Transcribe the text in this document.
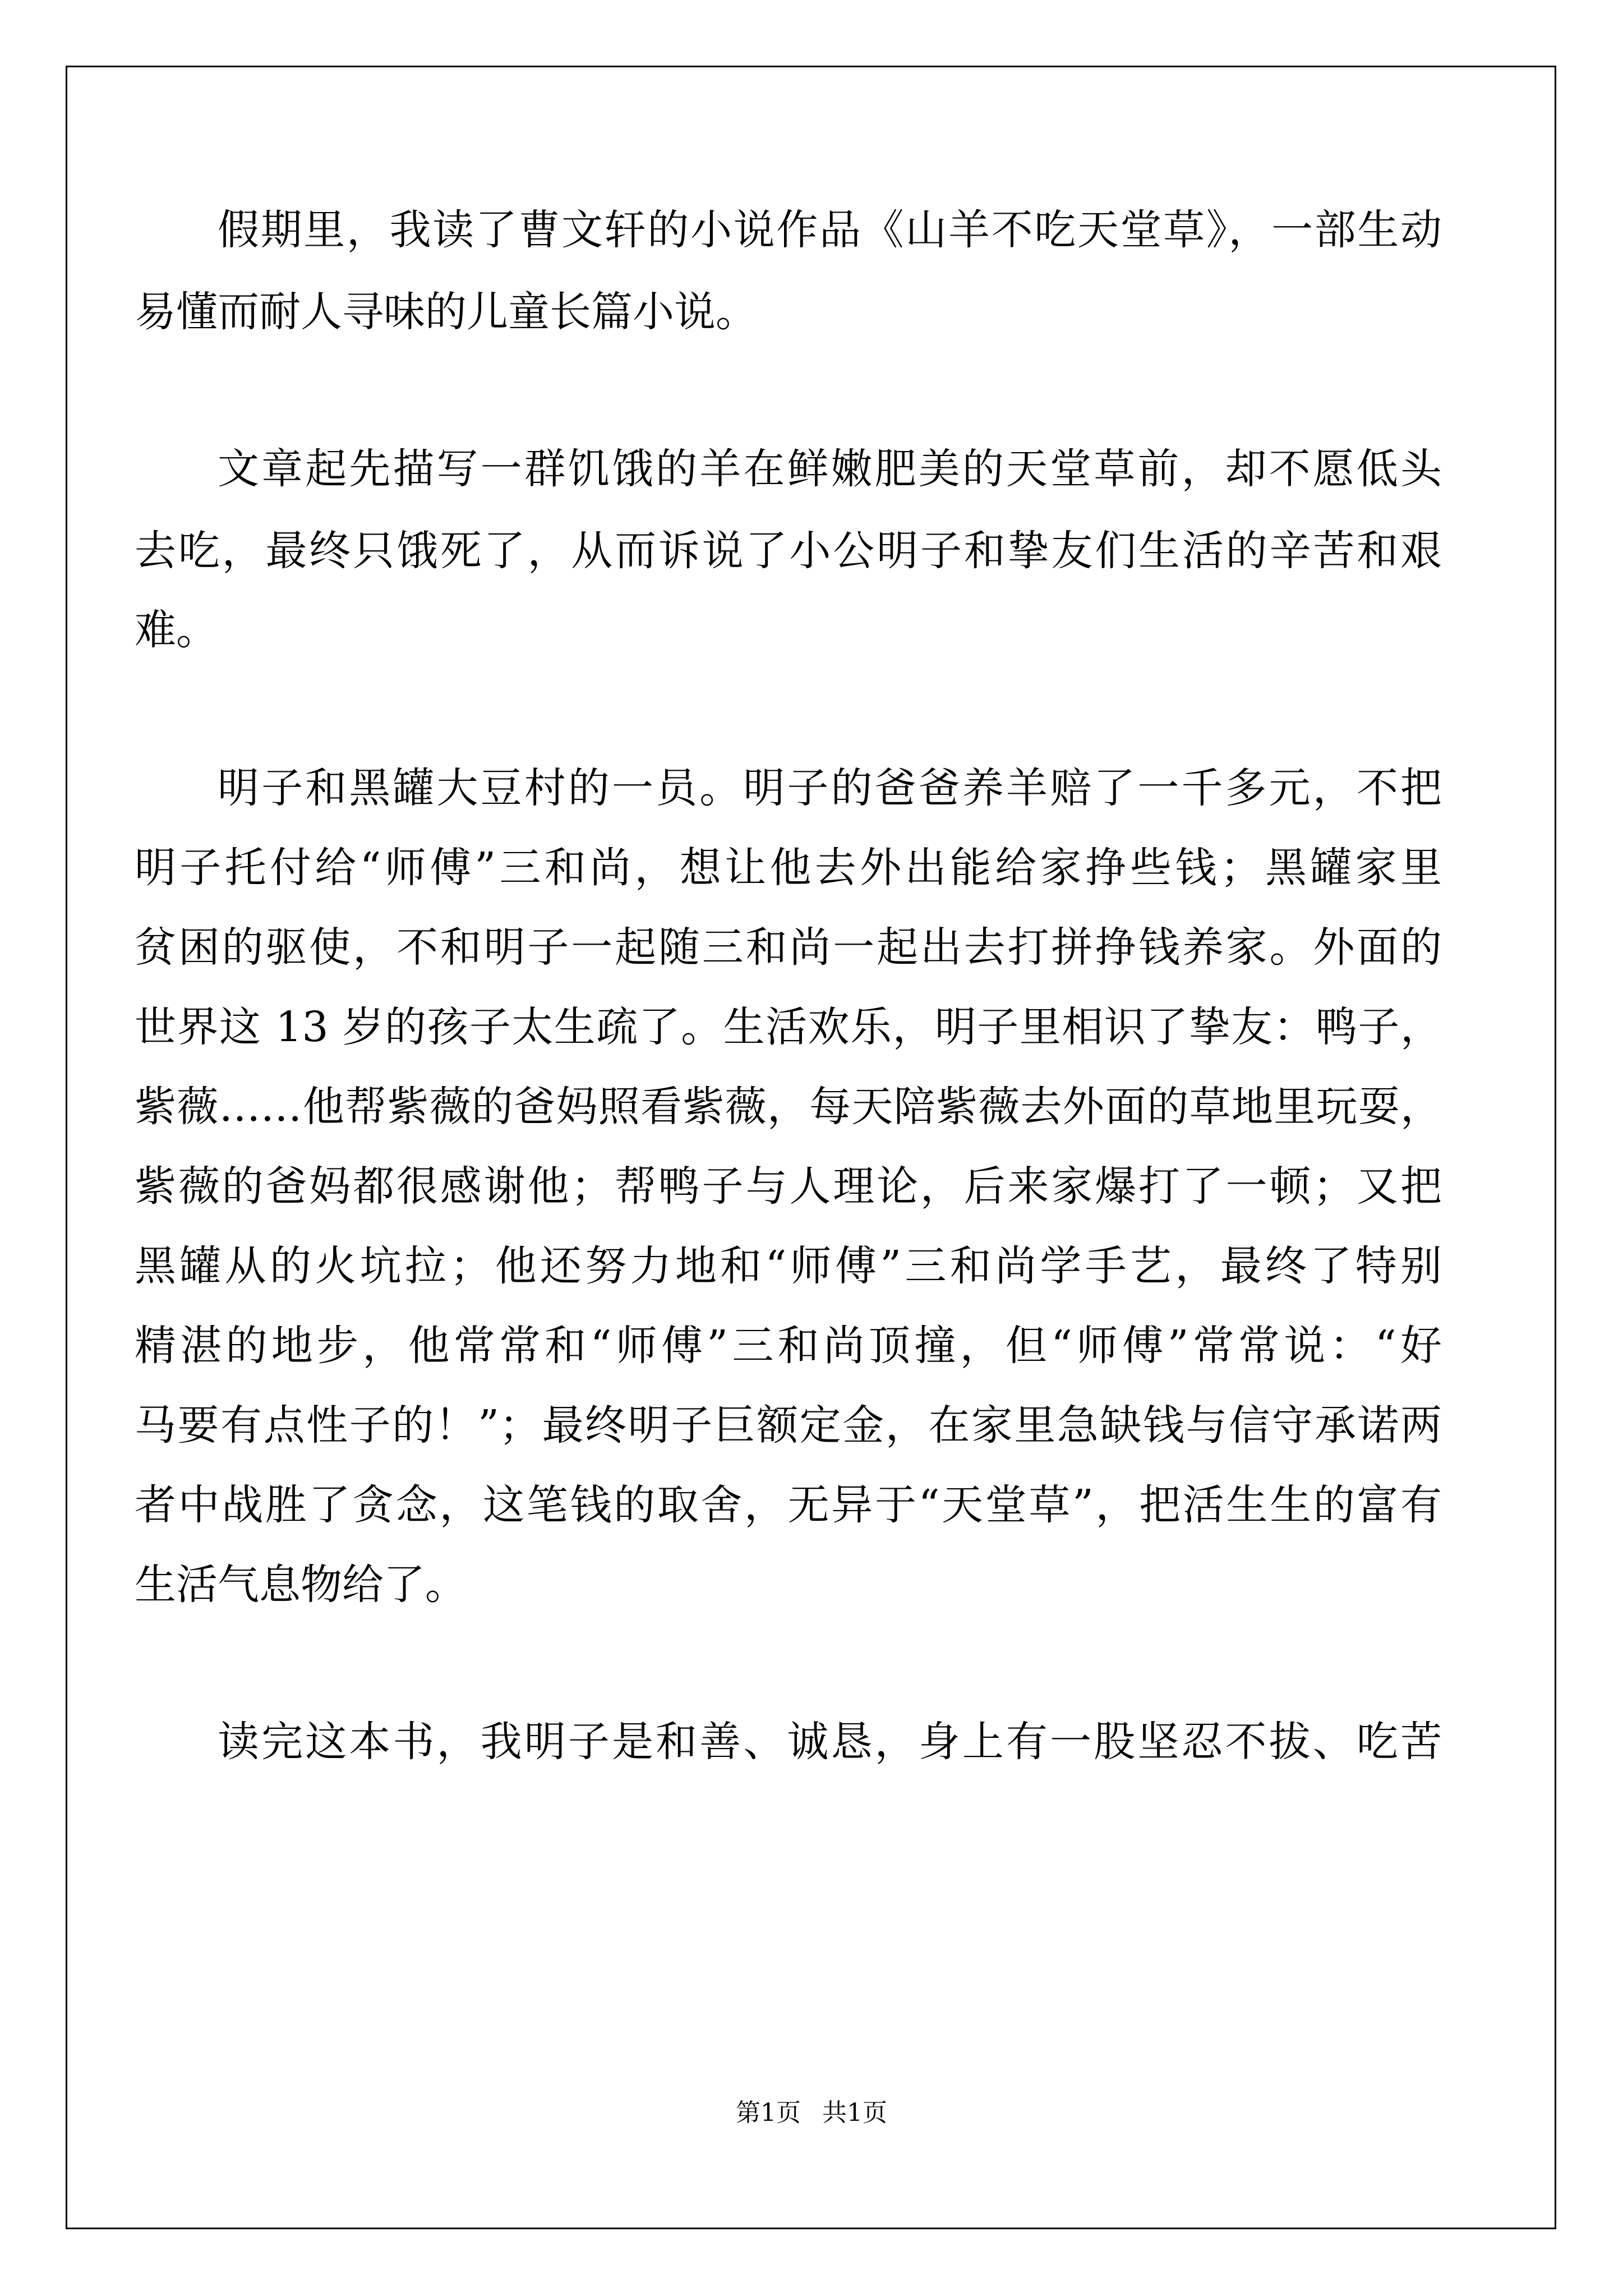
假期里，我读了曹文轩的小说作品《山羊不吃天堂草》，一部生动
易懂而耐人寻味的儿童长篇小说。
文章起先描写一群饥饿的羊在鲜嫩肥美的天堂草前，却不愿低头
去吃，最终只饿死了，从而诉说了小公明子和挚友们生活的辛苦和艰
难。
明子和黑罐大豆村的一员。明子的爸爸养羊赔了一千多元，不把
明子托付给“师傅”三和尚，想让他去外出能给家挣些钱；黑罐家里
贫困的驱使，不和明子一起随三和尚一起出去打拼挣钱养家。外面的
世界这 13 岁的孩子太生疏了。生活欢乐，明子里相识了挚友：鸭子，
紫薇……他帮紫薇的爸妈照看紫薇，每天陪紫薇去外面的草地里玩耍，
紫薇的爸妈都很感谢他；帮鸭子与人理论，后来家爆打了一顿；又把
黑罐从的火坑拉；他还努力地和“师傅”三和尚学手艺，最终了特别
精湛的地步，他常常和“师傅”三和尚顶撞，但“师傅”常常说：“好
马要有点性子的！”；最终明子巨额定金，在家里急缺钱与信守承诺两
者中战胜了贪念，这笔钱的取舍，无异于“天堂草”，把活生生的富有
生活气息物给了。
读完这本书，我明子是和善、诚恳，身上有一股坚忍不拔、吃苦
第1页 共1页
